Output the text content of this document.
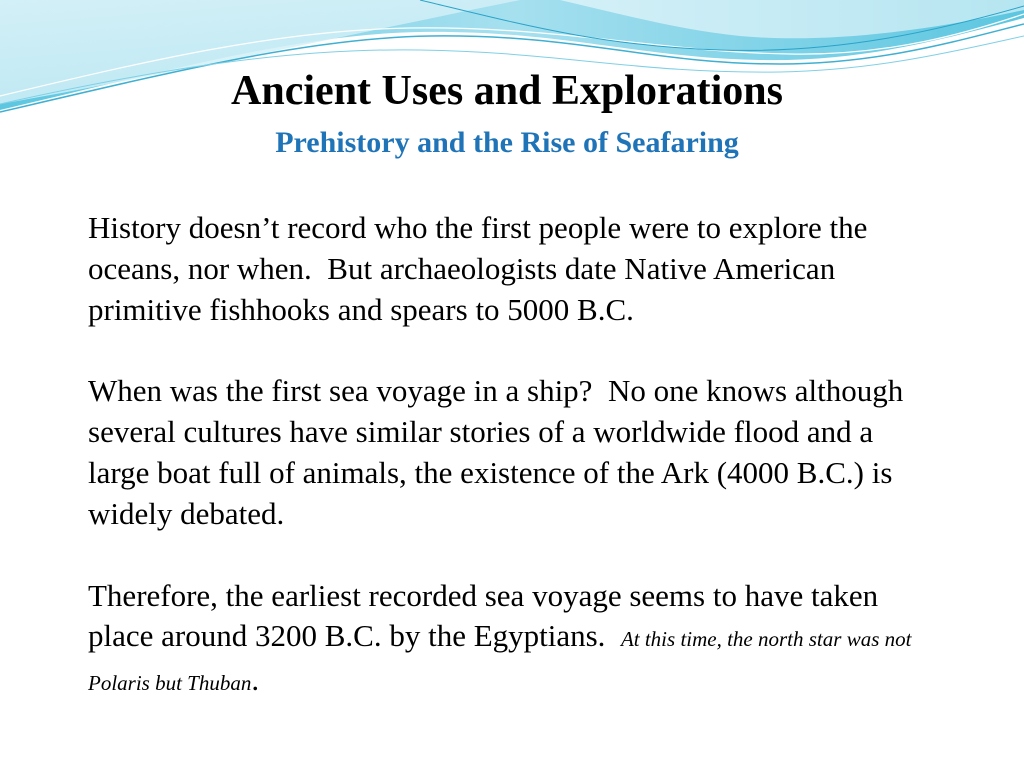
Ancient Uses and Explorations
Prehistory and the Rise of Seafaring

History doesn’t record who the first people were to explore the oceans, nor when.  But archaeologists date Native American primitive fishhooks and spears to 5000 B.C.

When was the first sea voyage in a ship?  No one knows although several cultures have similar stories of a worldwide flood and a large boat full of animals, the existence of the Ark (4000 B.C.) is widely debated.

Therefore, the earliest recorded sea voyage seems to have taken place around 3200 B.C. by the Egyptians.  At this time, the north star was not Polaris but Thuban.
